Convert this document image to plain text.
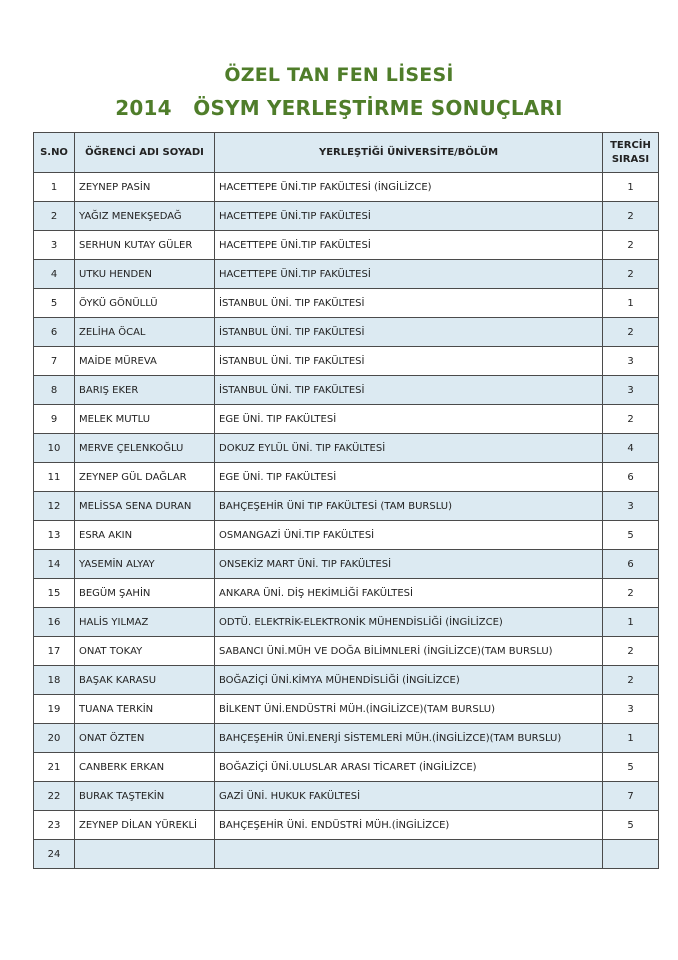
ÖZEL TAN FEN LİSESİ
2014   ÖSYM YERLEŞTİRME SONUÇLARI
S.NO	ÖĞRENCİ ADI SOYADI	YERLEŞTİĞİ ÜNİVERSİTE/BÖLÜM	TERCİH
SIRASI
1	ZEYNEP PASİN	HACETTEPE ÜNİ.TIP FAKÜLTESİ (İNGİLİZCE)	1
2	YAĞIZ MENEKŞEDAĞ	HACETTEPE ÜNİ.TIP FAKÜLTESİ	2
3	SERHUN KUTAY GÜLER	HACETTEPE ÜNİ.TIP FAKÜLTESİ	2
4	UTKU HENDEN	HACETTEPE ÜNİ.TIP FAKÜLTESİ	2
5	ÖYKÜ GÖNÜLLÜ	İSTANBUL ÜNİ. TIP FAKÜLTESİ	1
6	ZELİHA ÖCAL	İSTANBUL ÜNİ. TIP FAKÜLTESİ	2
7	MAİDE MÜREVA	İSTANBUL ÜNİ. TIP FAKÜLTESİ	3
8	BARIŞ EKER	İSTANBUL ÜNİ. TIP FAKÜLTESİ	3
9	MELEK MUTLU	EGE ÜNİ. TIP FAKÜLTESİ	2
10	MERVE ÇELENKOĞLU	DOKUZ EYLÜL ÜNİ. TIP FAKÜLTESİ	4
11	ZEYNEP GÜL DAĞLAR	EGE ÜNİ. TIP FAKÜLTESİ	6
12	MELİSSA SENA DURAN	BAHÇEŞEHİR ÜNİ TIP FAKÜLTESİ (TAM BURSLU)	3
13	ESRA AKIN	OSMANGAZİ ÜNİ.TIP FAKÜLTESİ	5
14	YASEMİN ALYAY	ONSEKİZ MART ÜNİ. TIP FAKÜLTESİ	6
15	BEGÜM ŞAHİN	ANKARA ÜNİ. DİŞ HEKİMLİĞİ FAKÜLTESİ	2
16	HALİS YILMAZ	ODTÜ. ELEKTRİK-ELEKTRONİK MÜHENDİSLİĞİ (İNGİLİZCE)	1
17	ONAT TOKAY	SABANCI ÜNİ.MÜH VE DOĞA BİLİMNLERİ (İNGİLİZCE)(TAM BURSLU)	2
18	BAŞAK KARASU	BOĞAZİÇİ ÜNİ.KİMYA MÜHENDİSLİĞİ (İNGİLİZCE)	2
19	TUANA TERKİN	BİLKENT ÜNİ.ENDÜSTRİ MÜH.(İNGİLİZCE)(TAM BURSLU)	3
20	ONAT ÖZTEN	BAHÇEŞEHİR ÜNİ.ENERJİ SİSTEMLERİ MÜH.(İNGİLİZCE)(TAM BURSLU)	1
21	CANBERK ERKAN	BOĞAZİÇİ ÜNİ.ULUSLAR ARASI TİCARET (İNGİLİZCE)	5
22	BURAK TAŞTEKİN	GAZİ ÜNİ. HUKUK FAKÜLTESİ	7
23	ZEYNEP DİLAN YÜREKLİ	BAHÇEŞEHİR ÜNİ. ENDÜSTRİ MÜH.(İNGİLİZCE)	5
24			
